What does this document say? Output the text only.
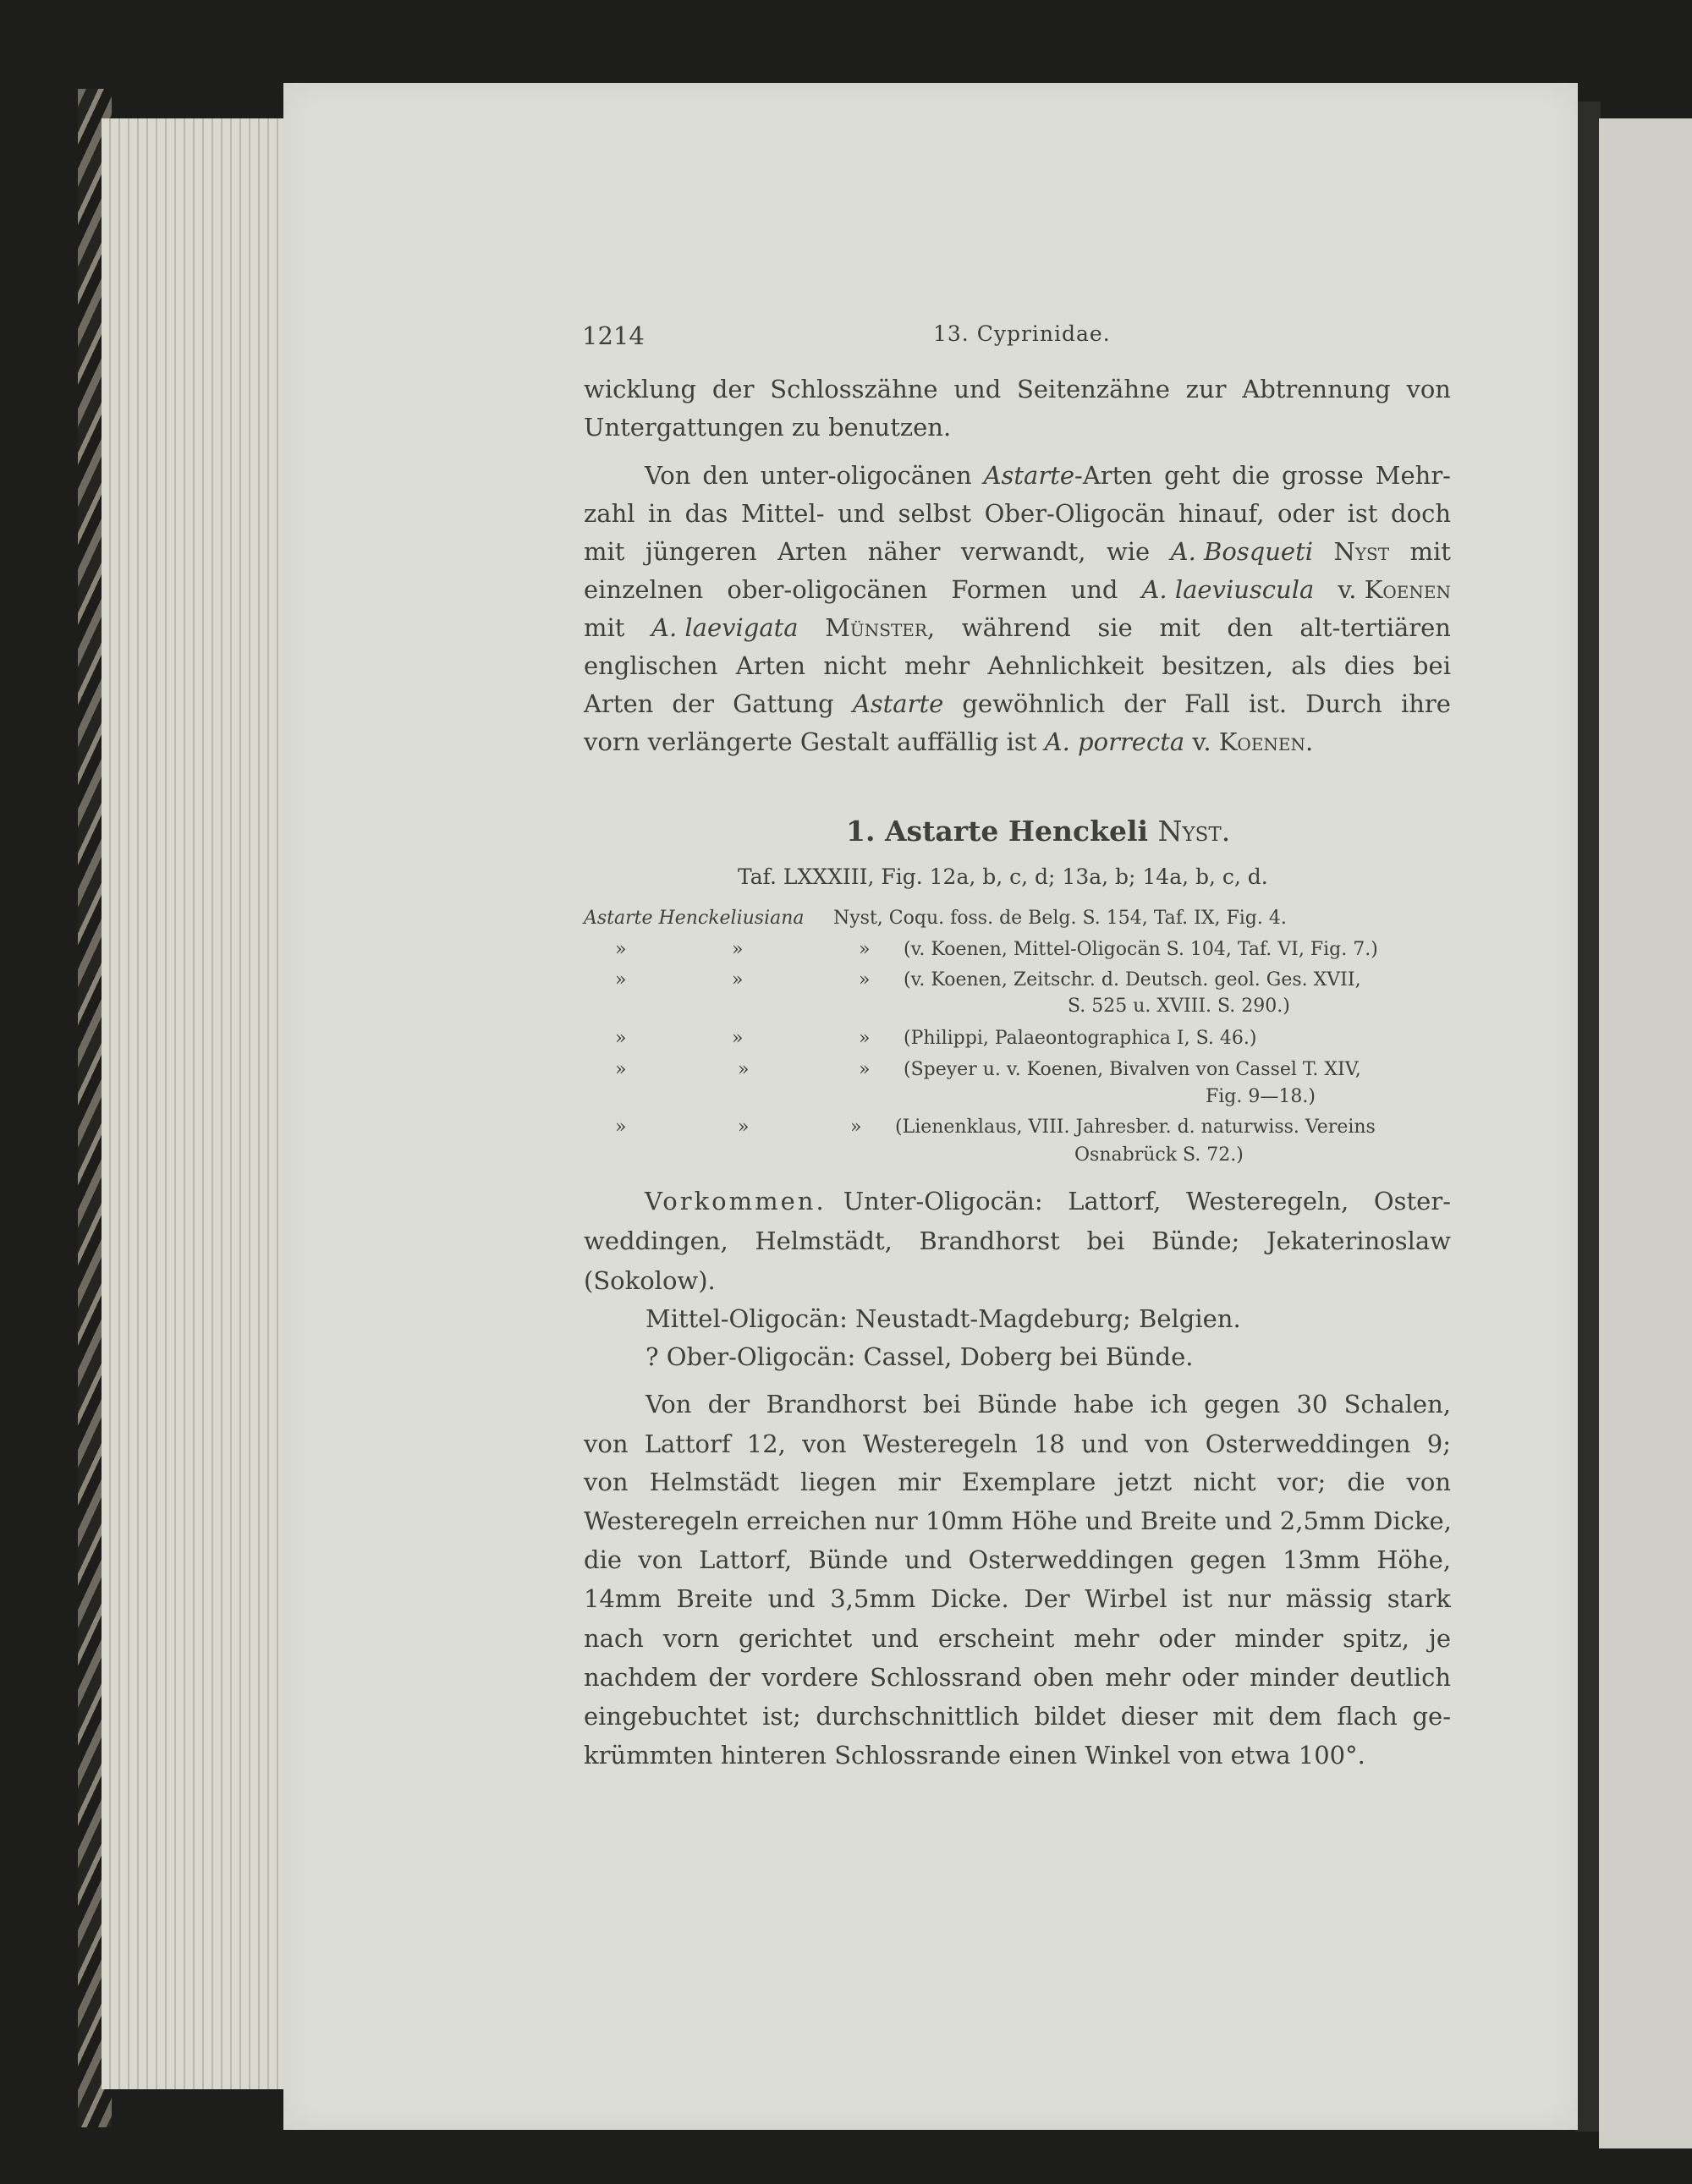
1214	13. Cyprinidae.
wicklung der Schlosszähne und Seitenzähne zur Abtrennung von
Untergattungen zu benutzen.
Von den unter-oligocänen Astarte-Arten geht die grosse Mehr-
zahl in das Mittel- und selbst Ober-Oligocän hinauf, oder ist doch
mit jüngeren Arten näher verwandt, wie A. Bosqueti Nyst mit
einzelnen ober-oligocänen Formen und A. laeviuscula v. Koenen
mit A. laevigata Münster, während sie mit den alt-tertiären
englischen Arten nicht mehr Aehnlichkeit besitzen, als dies bei
Arten der Gattung Astarte gewöhnlich der Fall ist. Durch ihre
vorn verlängerte Gestalt auffällig ist A. porrecta v. Koenen.
1. Astarte Henckeli Nyst.
Taf. LXXXIII, Fig. 12a, b, c, d; 13a, b; 14a, b, c, d.
Astarte Henckeliusiana Nyst, Coqu. foss. de Belg. S. 154, Taf. IX, Fig. 4.
»	»	» (v. Koenen, Mittel-Oligocän S. 104, Taf. VI, Fig. 7.)
»	»	» (v. Koenen, Zeitschr. d. Deutsch. geol. Ges. XVII,
S. 525 u. XVIII. S. 290.)
»	»	» (Philippi, Palaeontographica I, S. 46.)
»	»	» (Speyer u. v. Koenen, Bivalven von Cassel T. XIV,
Fig. 9—18.)
»	»	» (Lienenklaus, VIII. Jahresber. d. naturwiss. Vereins
Osnabrück S. 72.)
Vorkommen. Unter-Oligocän: Lattorf, Westeregeln, Oster-
weddingen, Helmstädt, Brandhorst bei Bünde; Jekaterinoslaw
(Sokolow).
Mittel-Oligocän: Neustadt-Magdeburg; Belgien.
? Ober-Oligocän: Cassel, Doberg bei Bünde.
Von der Brandhorst bei Bünde habe ich gegen 30 Schalen,
von Lattorf 12, von Westeregeln 18 und von Osterweddingen 9;
von Helmstädt liegen mir Exemplare jetzt nicht vor; die von
Westeregeln erreichen nur 10mm Höhe und Breite und 2,5mm Dicke,
die von Lattorf, Bünde und Osterweddingen gegen 13mm Höhe,
14mm Breite und 3,5mm Dicke. Der Wirbel ist nur mässig stark
nach vorn gerichtet und erscheint mehr oder minder spitz, je
nachdem der vordere Schlossrand oben mehr oder minder deutlich
eingebuchtet ist; durchschnittlich bildet dieser mit dem flach ge-
krümmten hinteren Schlossrande einen Winkel von etwa 100°.
